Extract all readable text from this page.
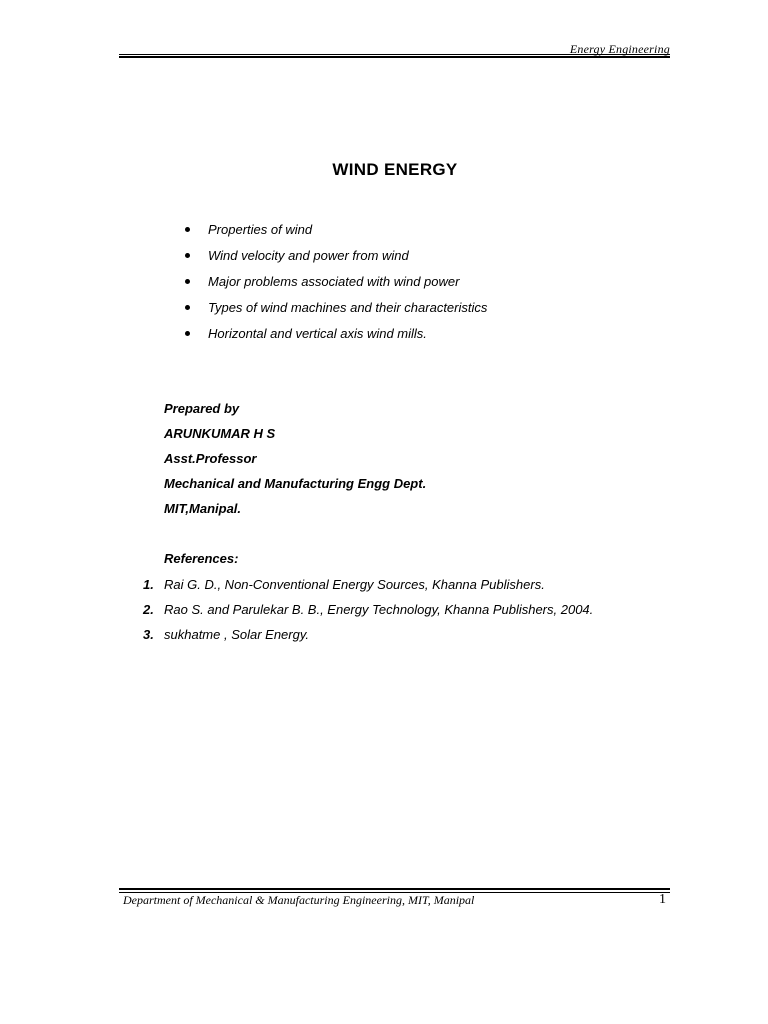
Energy Engineering
WIND ENERGY
Properties of wind
Wind velocity and power from wind
Major problems associated with wind power
Types of wind machines and their characteristics
Horizontal and vertical axis wind mills.
Prepared by
ARUNKUMAR H S
Asst.Professor
Mechanical and Manufacturing Engg Dept.
MIT,Manipal.
References:
1. Rai G. D., Non-Conventional Energy Sources, Khanna Publishers.
2. Rao S. and Parulekar B. B., Energy Technology, Khanna Publishers, 2004.
3. sukhatme , Solar Energy.
Department of Mechanical & Manufacturing Engineering, MIT, Manipal	1
